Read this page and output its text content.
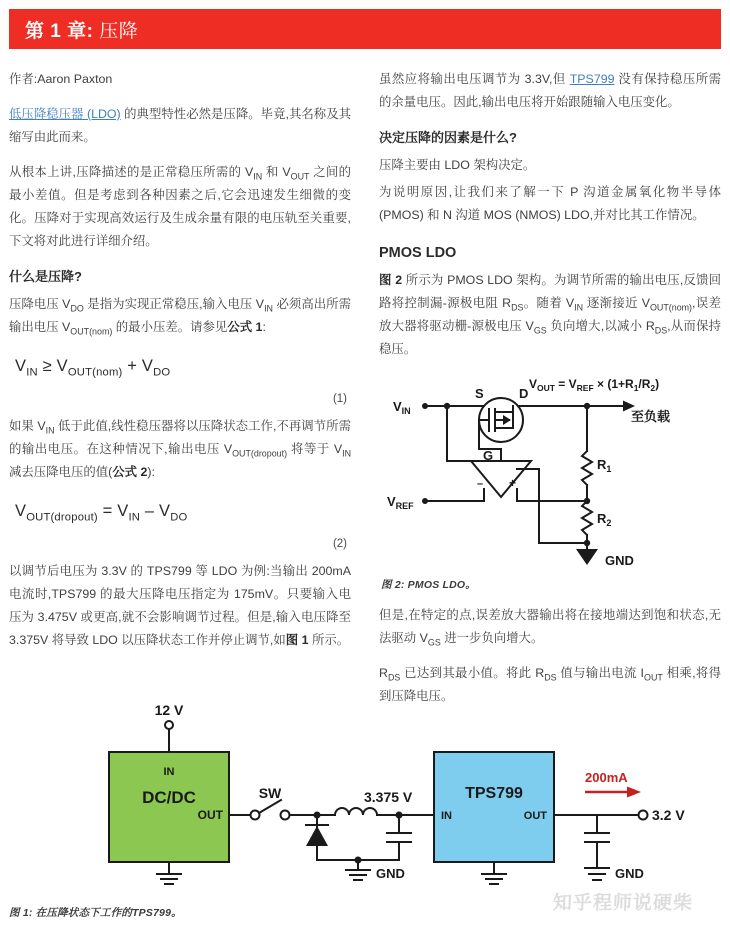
第 1 章: 压降

作者:Aaron Paxton

低压降稳压器 (LDO) 的典型特性必然是压降。毕竟,其名称及其缩写由此而来。

从根本上讲,压降描述的是正常稳压所需的 $V_{IN}$ 和 $V_{OUT}$ 之间的最小差值。但是考虑到各种因素之后,它会迅速发生细微的变化。压降对于实现高效运行及生成余量有限的电压轨至关重要,下文将对此进行详细介绍。

什么是压降?

压降电压 $V_{DO}$ 是指为实现正常稳压,输入电压 $V_{IN}$ 必须高出所需输出电压 $V_{OUT(nom)}$ 的最小压差。请参见公式 1:

$V_{IN} \ge V_{OUT(nom)} + V_{DO}$
(1)

如果 $V_{IN}$ 低于此值,线性稳压器将以压降状态工作,不再调节所需的输出电压。在这种情况下,输出电压 $V_{OUT(dropout)}$ 将等于 $V_{IN}$ 减去压降电压的值(公式 2):

$V_{OUT(dropout)} = V_{IN} - V_{DO}$
(2)

以调节后电压为 3.3V 的 TPS799 等 LDO 为例:当输出 200mA 电流时,TPS799 的最大压降电压指定为 175mV。只要输入电压为 3.475V 或更高,就不会影响调节过程。但是,输入电压降至 3.375V 将导致 LDO 以压降状态工作并停止调节,如图 1 所示。

虽然应将输出电压调节为 3.3V,但 TPS799 没有保持稳压所需的余量电压。因此,输出电压将开始跟随输入电压变化。

决定压降的因素是什么?

压降主要由 LDO 架构决定。

为说明原因,让我们来了解一下 P 沟道金属氧化物半导体 (PMOS) 和 N 沟道 MOS (NMOS) LDO,并对比其工作情况。

PMOS LDO

图 2 所示为 PMOS LDO 架构。为调节所需的输出电压,反馈回路将控制漏-源极电阻 $R_{DS}$。随着 $V_{IN}$ 逐渐接近 $V_{OUT(nom)}$,误差放大器将驱动栅-源极电压 $V_{GS}$ 负向增大,以减小 $R_{DS}$,从而保持稳压。

$V_{IN}$
$V_{REF}$
S	D
G
$R_1$
$R_2$
GND
至负载
$V_{OUT} = V_{REF} \times (1+R_1/R_2)$
– +
图 2: PMOS LDO。

但是,在特定的点,误差放大器输出将在接地端达到饱和状态,无法驱动 $V_{GS}$ 进一步负向增大。

$R_{DS}$ 已达到其最小值。将此 $R_{DS}$ 值与输出电流 $I_{OUT}$ 相乘,将得到压降电压。

IN
DC/DC
OUT
TPS799
IN	OUT
200mA
12 V
SW	3.375 V
3.2 V
GND	GND
图 1: 在压降状态下工作的TPS799。	知乎程师说硬柴
